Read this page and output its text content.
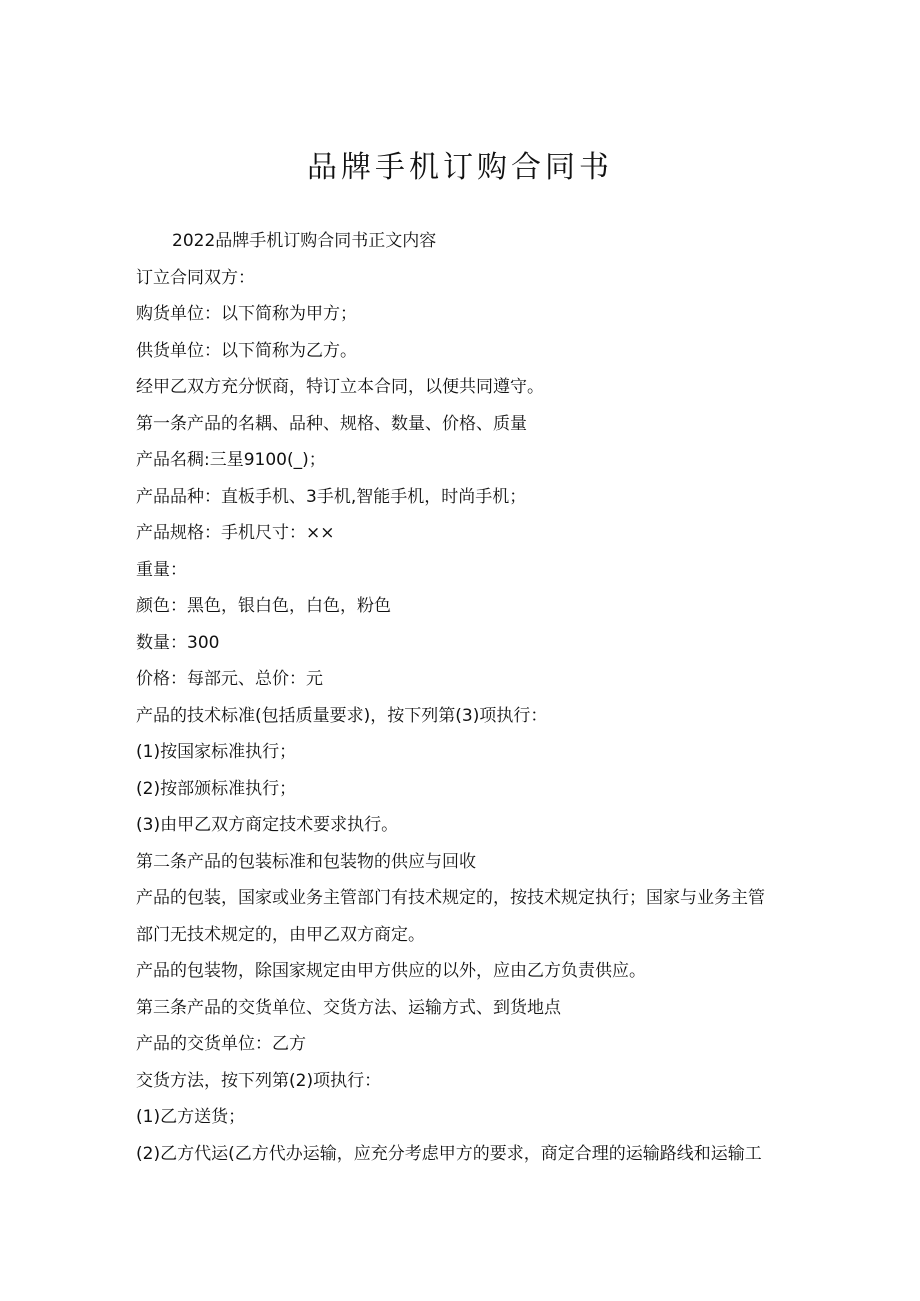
品牌手机订购合同书
2022品牌手机订购合同书正文内容
订立合同双方：
购货单位：以下简称为甲方；
供货单位：以下简称为乙方。
经甲乙双方充分恹商，特订立本合同，以便共同遵守。
第一条产品的名耦、品种、规格、数量、价格、质量
产品名稠:三星9100(_)；
产品品种：直板手机、3手机,智能手机，时尚手机；
产品规格：手机尺寸：××
重量：
颜色：黑色，银白色，白色，粉色
数量：300
价格：每部元、总价：元
产品的技术标准(包括质量要求)，按下列第(3)项执行：
(1)按国家标准执行；
(2)按部颁标准执行；
(3)由甲乙双方商定技术要求执行。
第二条产品的包装标准和包装物的供应与回收
产品的包装，国家或业务主管部门有技术规定的，按技术规定执行；国家与业务主管部门无技术规定的，由甲乙双方商定。
产品的包装物，除国家规定由甲方供应的以外，应由乙方负责供应。
第三条产品的交货单位、交货方法、运输方式、到货地点
产品的交货单位：乙方
交货方法，按下列第(2)项执行：
(1)乙方送货；
(2)乙方代运(乙方代办运输，应充分考虑甲方的要求，商定合理的运输路线和运输工
